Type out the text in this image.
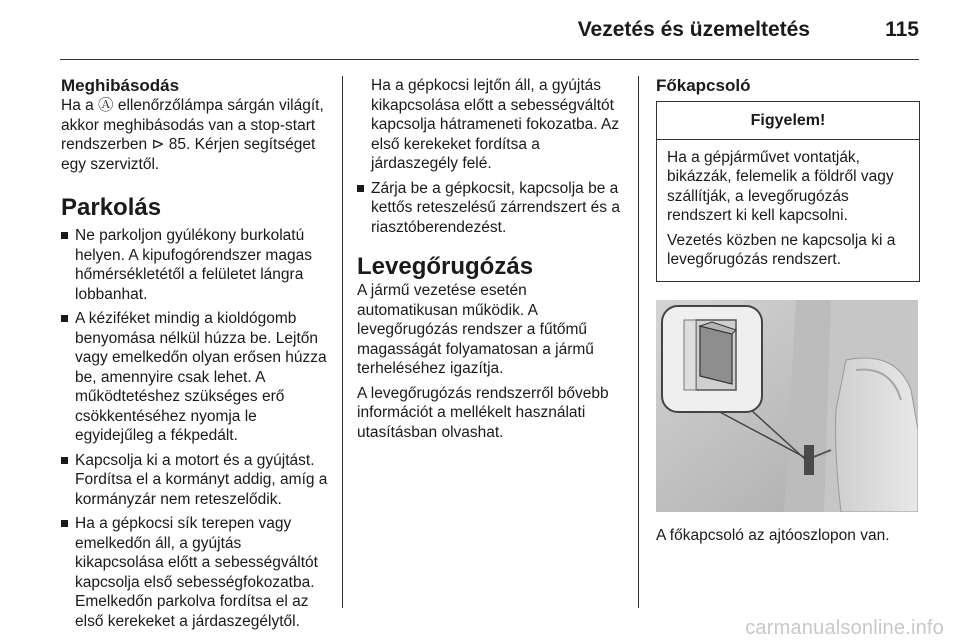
Vezetés és üzemeltetés	115
Meghibásodás

Ha a Ⓐ ellenőrzőlámpa sárgán világít, akkor meghibásodás van a stop-start rendszerben ⊳ 85. Kérjen segítséget egy szerviztől.

Parkolás
Ne parkoljon gyúlékony burkolatú helyen. A kipufogórendszer magas hőmérsékletétől a felületet lángra lobbanhat.
A kéziféket mindig a kioldógomb benyomása nélkül húzza be. Lejtőn vagy emelkedőn olyan erősen húzza be, amennyire csak lehet. A működtetéshez szükséges erő csökkentéséhez nyomja le egyidejűleg a fékpedált.
Kapcsolja ki a motort és a gyújtást. Fordítsa el a kormányt addig, amíg a kormányzár nem reteszelődik.
Ha a gépkocsi sík terepen vagy emelkedőn áll, a gyújtás kikapcsolása előtt a sebességváltót kapcsolja első sebességfokozatba. Emelkedőn parkolva fordítsa el az első kerekeket a járdaszegélytől.

Ha a gépkocsi lejtőn áll, a gyújtás kikapcsolása előtt a sebességváltót kapcsolja hátrameneti fokozatba. Az első kerekeket fordítsa a járdaszegély felé.

Zárja be a gépkocsit, kapcsolja be a kettős reteszelésű zárrendszert és a riasztóberendezést.
Levegőrugózás

A jármű vezetése esetén automatikusan működik. A levegőrugózás rendszer a fűtőmű magasságát folyamatosan a jármű terheléséhez igazítja.

A levegőrugózás rendszerről bővebb információt a mellékelt használati utasításban olvashat.

Főkapcsoló
Figyelem!

Ha a gépjárművet vontatják, bikázzák, felemelik a földről vagy szállítják, a levegőrugózás rendszert ki kell kapcsolni.

Vezetés közben ne kapcsolja ki a levegőrugózás rendszert.

A főkapcsoló az ajtóoszlopon van.

carmanualsonline.info
